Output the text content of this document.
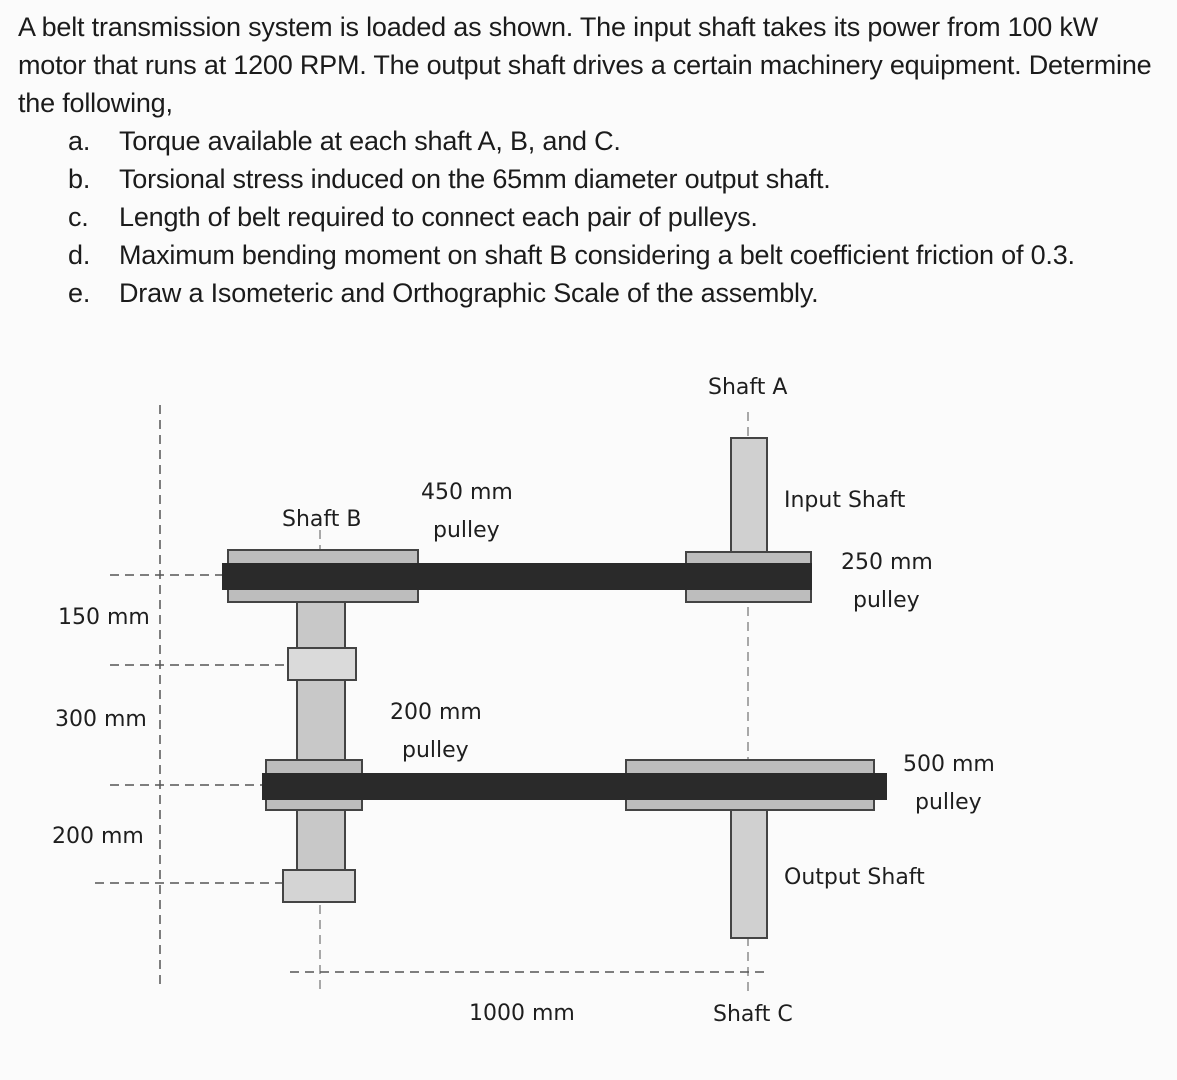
A belt transmission system is loaded as shown. The input shaft takes its power from 100 kW motor that runs at 1200 RPM. The output shaft drives a certain machinery equipment. Determine the following,

a.	Torque available at each shaft A, B, and C.
b.	Torsional stress induced on the 65mm diameter output shaft.
c.	Length of belt required to connect each pair of pulleys.
d.	Maximum bending moment on shaft B considering a belt coefficient friction of 0.3.
e.	Draw a Isometeric and Orthographic Scale of the assembly.
Shaft A
Input Shaft
Shaft B
450 mm
pulley
250 mm
pulley
200 mm
pulley
500 mm
pulley
Output Shaft
Shaft C
150 mm
300 mm
200 mm
1000 mm
